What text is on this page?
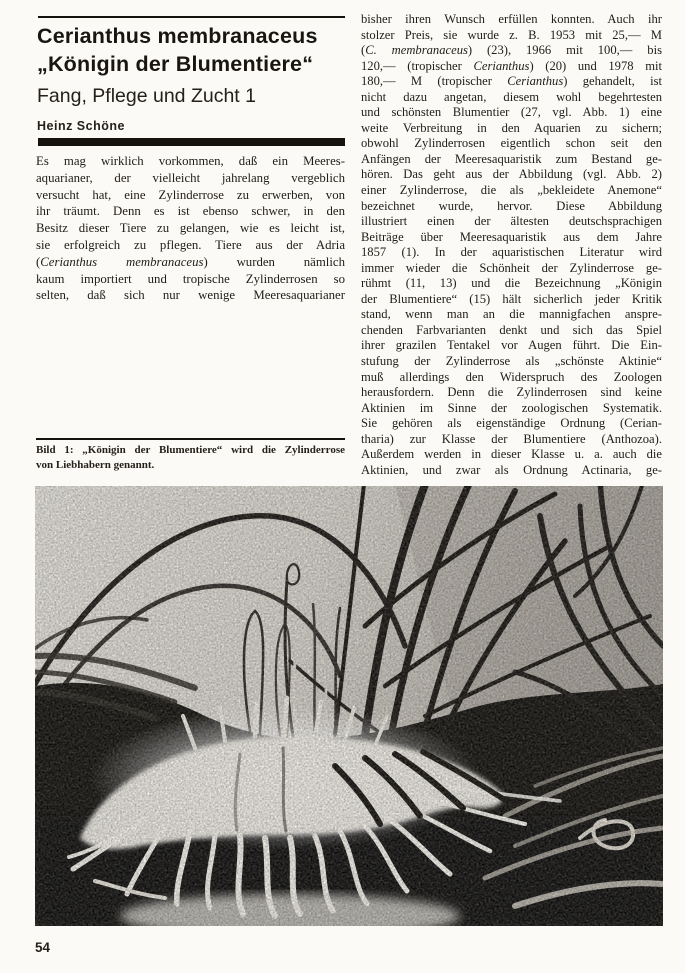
Cerianthus membranaceus
„Königin der Blumentiere“
Fang, Pflege und Zucht 1
Heinz Schöne
Es mag wirklich vorkommen, daß ein Meeres-
aquarianer, der vielleicht jahrelang vergeblich
versucht hat, eine Zylinderrose zu erwerben, von
ihr träumt. Denn es ist ebenso schwer, in den
Besitz dieser Tiere zu gelangen, wie es leicht ist,
sie erfolgreich zu pflegen. Tiere aus der Adria
(Cerianthus membranaceus) wurden nämlich
kaum importiert und tropische Zylinderrosen so
selten, daß sich nur wenige Meeresaquarianer
bisher ihren Wunsch erfüllen konnten. Auch ihr
stolzer Preis, sie wurde z. B. 1953 mit 25,— M
(C. membranaceus) (23), 1966 mit 100,— bis
120,— (tropischer Cerianthus) (20) und 1978 mit
180,— M (tropischer Cerianthus) gehandelt, ist
nicht dazu angetan, diesem wohl begehrtesten
und schönsten Blumentier (27, vgl. Abb. 1) eine
weite Verbreitung in den Aquarien zu sichern;
obwohl Zylinderrosen eigentlich schon seit den
Anfängen der Meeresaquaristik zum Bestand ge-
hören. Das geht aus der Abbildung (vgl. Abb. 2)
einer Zylinderrose, die als „bekleidete Anemone“
bezeichnet wurde, hervor. Diese Abbildung
illustriert einen der ältesten deutschsprachigen
Beiträge über Meeresaquaristik aus dem Jahre
1857 (1). In der aquaristischen Literatur wird
immer wieder die Schönheit der Zylinderrose ge-
rühmt (11, 13) und die Bezeichnung „Königin
der Blumentiere“ (15) hält sicherlich jeder Kritik
stand, wenn man an die mannigfachen anspre-
chenden Farbvarianten denkt und sich das Spiel
ihrer grazilen Tentakel vor Augen führt. Die Ein-
stufung der Zylinderrose als „schönste Aktinie“
muß allerdings den Widerspruch des Zoologen
herausfordern. Denn die Zylinderrosen sind keine
Aktinien im Sinne der zoologischen Systematik.
Sie gehören als eigenständige Ordnung (Cerian-
tharia) zur Klasse der Blumentiere (Anthozoa).
Außerdem werden in dieser Klasse u. a. auch die
Aktinien, und zwar als Ordnung Actinaria, ge-
Bild 1: „Königin der Blumentiere“ wird die Zylinderrose
von Liebhabern genannt.
54
